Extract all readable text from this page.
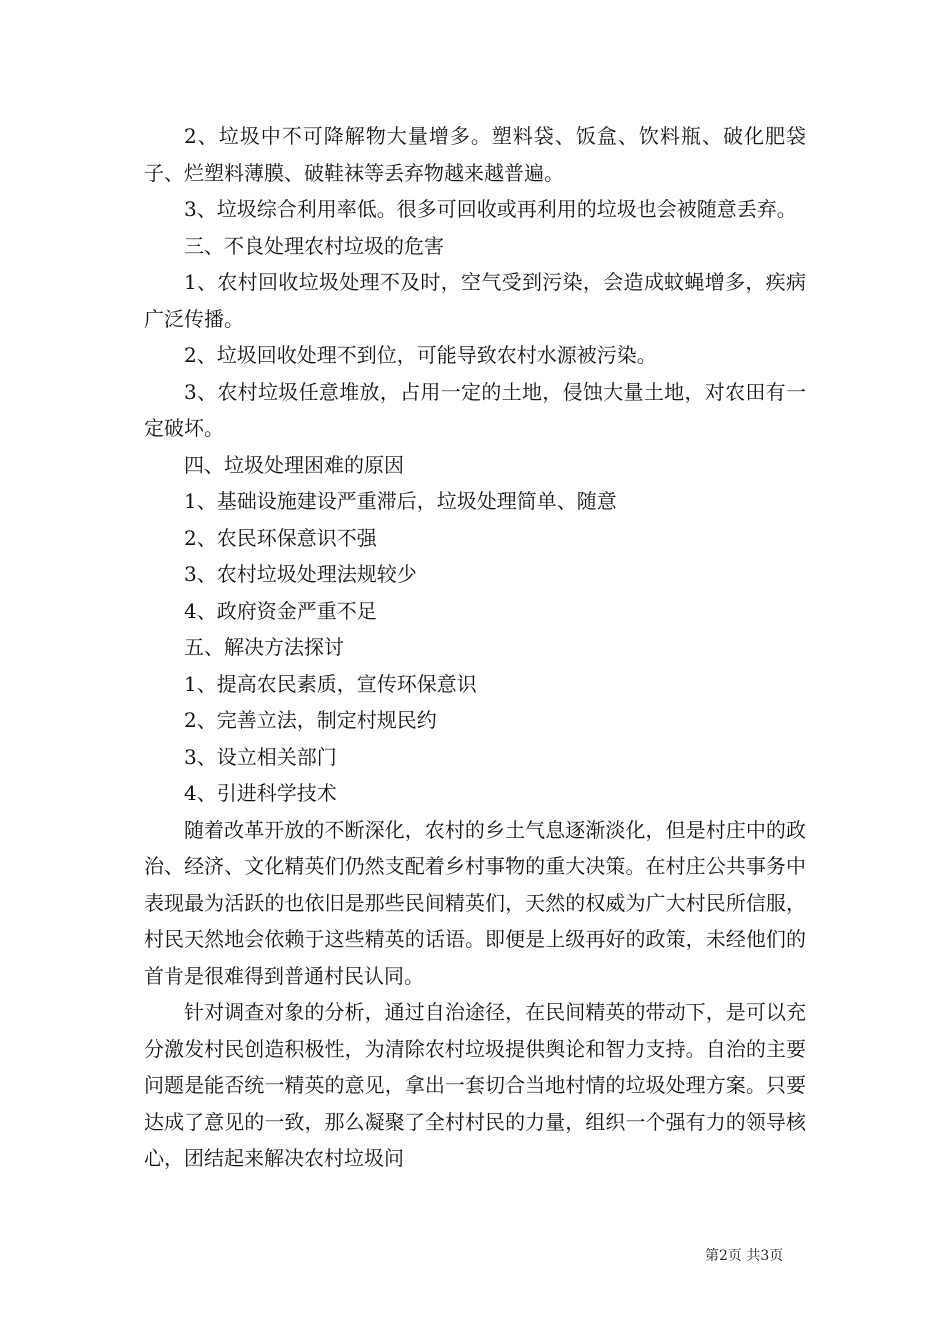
2、垃圾中不可降解物大量增多。塑料袋、饭盒、饮料瓶、破化肥袋子、烂塑料薄膜、破鞋袜等丢弃物越来越普遍。

3、垃圾综合利用率低。很多可回收或再利用的垃圾也会被随意丢弃。

三、不良处理农村垃圾的危害

1、农村回收垃圾处理不及时，空气受到污染，会造成蚊蝇增多，疾病广泛传播。

2、垃圾回收处理不到位，可能导致农村水源被污染。

3、农村垃圾任意堆放，占用一定的土地，侵蚀大量土地，对农田有一定破坏。

四、垃圾处理困难的原因

1、基础设施建设严重滞后，垃圾处理简单、随意

2、农民环保意识不强

3、农村垃圾处理法规较少

4、政府资金严重不足

五、解决方法探讨

1、提高农民素质，宣传环保意识

2、完善立法，制定村规民约

3、设立相关部门

4、引进科学技术

随着改革开放的不断深化，农村的乡土气息逐渐淡化，但是村庄中的政治、经济、文化精英们仍然支配着乡村事物的重大决策。在村庄公共事务中表现最为活跃的也依旧是那些民间精英们，天然的权威为广大村民所信服，村民天然地会依赖于这些精英的话语。即便是上级再好的政策，未经他们的首肯是很难得到普通村民认同。

针对调查对象的分析，通过自治途径，在民间精英的带动下，是可以充分激发村民创造积极性，为清除农村垃圾提供舆论和智力支持。自治的主要问题是能否统一精英的意见，拿出一套切合当地村情的垃圾处理方案。只要达成了意见的一致，那么凝聚了全村村民的力量，组织一个强有力的领导核心，团结起来解决农村垃圾问

第2页 共3页
